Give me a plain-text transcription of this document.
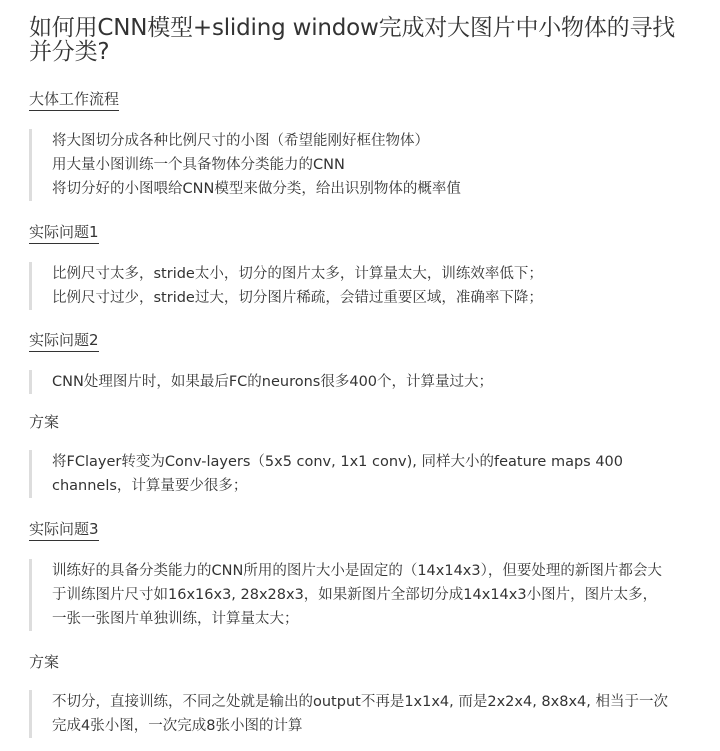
如何用CNN模型+sliding window完成对大图片中小物体的寻找并分类?
大体工作流程
将大图切分成各种比例尺寸的小图（希望能刚好框住物体）
用大量小图训练一个具备物体分类能力的CNN
将切分好的小图喂给CNN模型来做分类，给出识别物体的概率值
实际问题1
比例尺寸太多，stride太小，切分的图片太多，计算量太大，训练效率低下；
比例尺寸过少，stride过大，切分图片稀疏，会错过重要区域，准确率下降；
实际问题2
CNN处理图片时，如果最后FC的neurons很多400个，计算量过大；
方案
将FClayer转变为Conv-layers（5x5 conv, 1x1 conv), 同样大小的feature maps 400 channels，计算量要少很多；
实际问题3
训练好的具备分类能力的CNN所用的图片大小是固定的（14x14x3），但要处理的新图片都会大于训练图片尺寸如16x16x3, 28x28x3，如果新图片全部切分成14x14x3小图片，图片太多，一张一张图片单独训练，计算量太大；
方案
不切分，直接训练，不同之处就是输出的output不再是1x1x4, 而是2x2x4, 8x8x4, 相当于一次完成4张小图，一次完成8张小图的计算
